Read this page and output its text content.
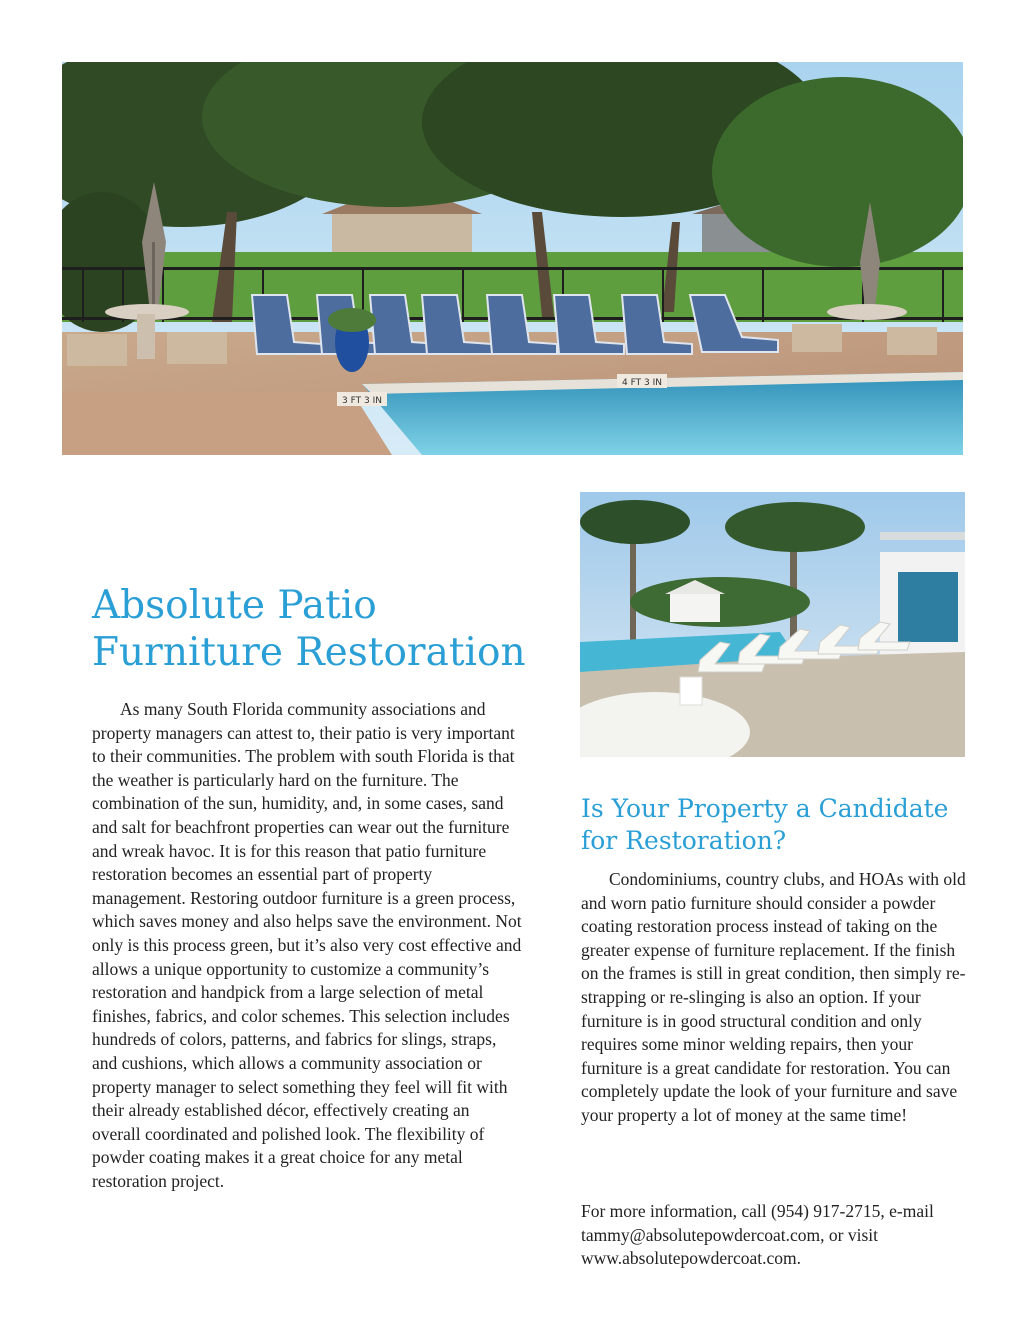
3 FT 3 IN
4 FT 3 IN
Absolute Patio Furniture Restoration

As many South Florida community associations and property managers can attest to, their patio is very important to their communities. The problem with south Florida is that the weather is particularly hard on the furniture. The combination of the sun, humidity, and, in some cases, sand and salt for beachfront properties can wear out the furniture and wreak havoc. It is for this reason that patio furniture restoration becomes an essential part of property management. Restoring outdoor furniture is a green process, which saves money and also helps save the environment. Not only is this process green, but it’s also very cost effective and allows a unique opportunity to customize a community’s restoration and handpick from a large selection of metal finishes, fabrics, and color schemes. This selection includes hundreds of colors, patterns, and fabrics for slings, straps, and cushions, which allows a community association or property manager to select something they feel will fit with their already established décor, effectively creating an overall coordinated and polished look. The flexibility of powder coating makes it a great choice for any metal restoration project.

Is Your Property a Candidate for Restoration?

Condominiums, country clubs, and HOAs with old and worn patio furniture should consider a powder coating restoration process instead of taking on the greater expense of furniture replacement. If the finish on the frames is still in great condition, then simply re-strapping or re-slinging is also an option. If your furniture is in good structural condition and only requires some minor welding repairs, then your furniture is a great candidate for restoration. You can completely update the look of your furniture and save your property a lot of money at the same time!

For more information, call (954) 917-2715, e-mail tammy@absolutepowdercoat.com, or visit www.absolutepowdercoat.com.
